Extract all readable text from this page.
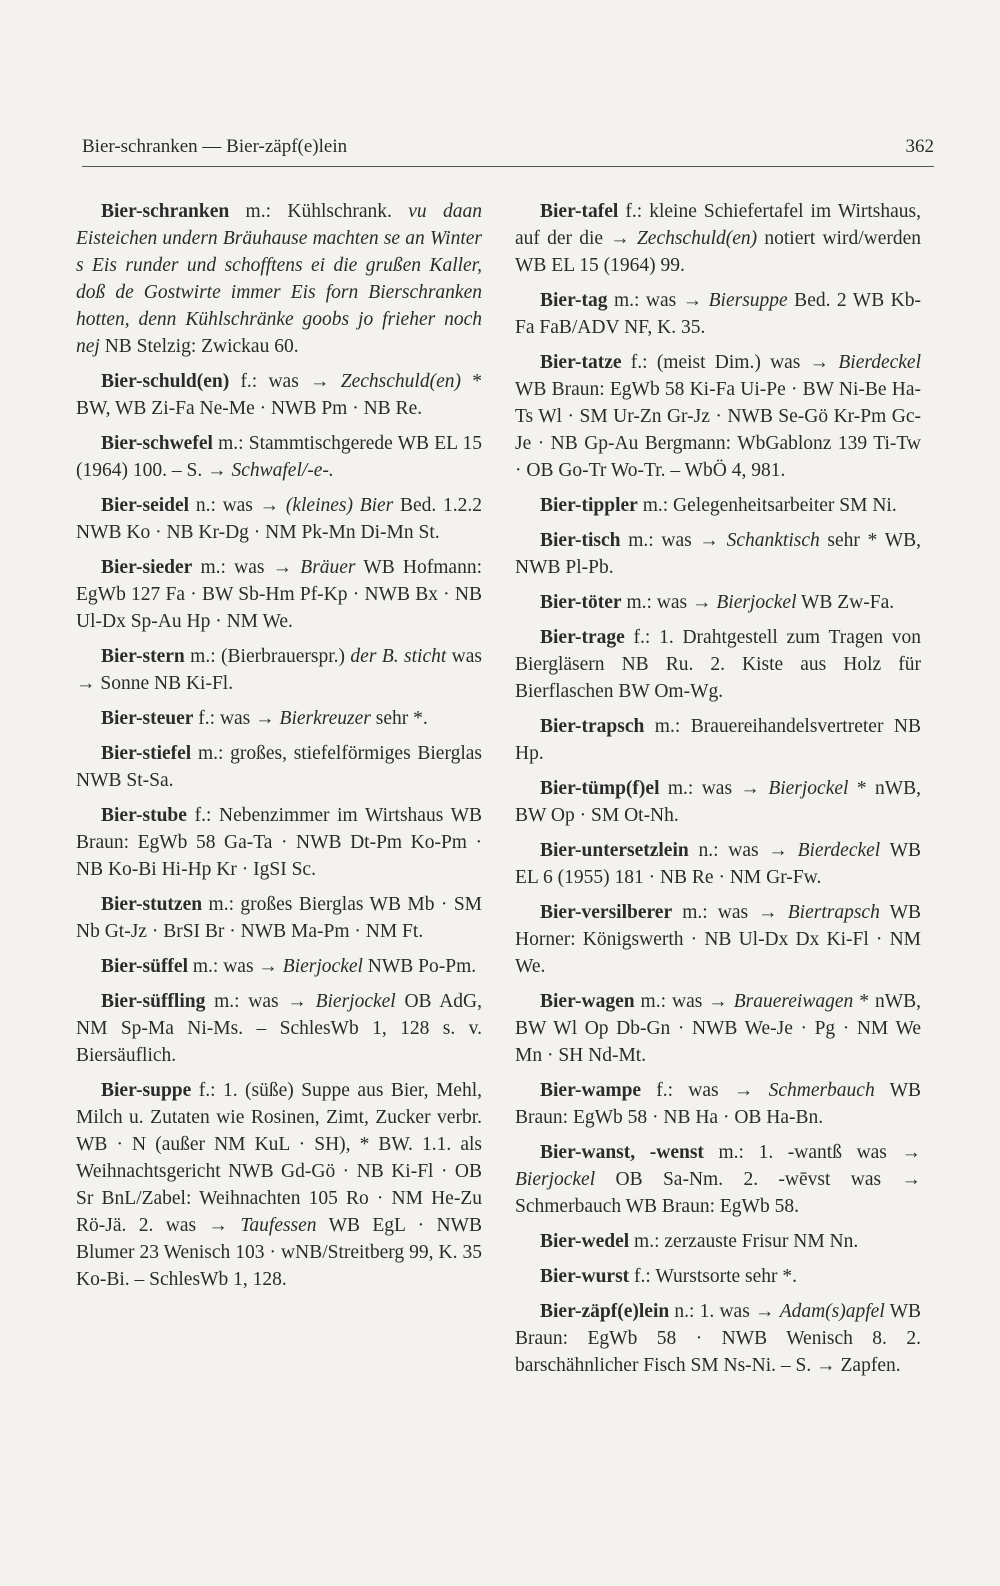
Bier-schranken — Bier-zäpf(e)lein	362

Bier-schranken m.: Kühlschrank. vu daan Eisteichen undern Bräuhause machten se an Winter s Eis runder und schofftens ei die grußen Kaller, doß de Gostwirte immer Eis forn Bierschranken hotten, denn Kühlschränke goobs jo frieher noch nej NB Stelzig: Zwickau 60.

Bier-schuld(en) f.: was → Zechschuld(en) * BW, WB Zi-Fa Ne-Me · NWB Pm · NB Re.

Bier-schwefel m.: Stammtischgerede WB EL 15 (1964) 100. – S. → Schwafel/-e-.

Bier-seidel n.: was → (kleines) Bier Bed. 1.2.2 NWB Ko · NB Kr-Dg · NM Pk-Mn Di-Mn St.

Bier-sieder m.: was → Bräuer WB Hofmann: EgWb 127 Fa · BW Sb-Hm Pf-Kp · NWB Bx · NB Ul-Dx Sp-Au Hp · NM We.

Bier-stern m.: (Bierbrauerspr.) der B. sticht was → Sonne NB Ki-Fl.

Bier-steuer f.: was → Bierkreuzer sehr *.

Bier-stiefel m.: großes, stiefelförmiges Bierglas NWB St-Sa.

Bier-stube f.: Nebenzimmer im Wirtshaus WB Braun: EgWb 58 Ga-Ta · NWB Dt-Pm Ko-Pm · NB Ko-Bi Hi-Hp Kr · IgSI Sc.

Bier-stutzen m.: großes Bierglas WB Mb · SM Nb Gt-Jz · BrSI Br · NWB Ma-Pm · NM Ft.

Bier-süffel m.: was → Bierjockel NWB Po-Pm.

Bier-süffling m.: was → Bierjockel OB AdG, NM Sp-Ma Ni-Ms. – SchlesWb 1, 128 s. v. Biersäuflich.

Bier-suppe f.: 1. (süße) Suppe aus Bier, Mehl, Milch u. Zutaten wie Rosinen, Zimt, Zucker verbr. WB · N (außer NM KuL · SH), * BW. 1.1. als Weihnachtsgericht NWB Gd-Gö · NB Ki-Fl · OB Sr BnL/Zabel: Weihnachten 105 Ro · NM He-Zu Rö-Jä. 2. was → Taufessen WB EgL · NWB Blumer 23 Wenisch 103 · wNB/Streitberg 99, K. 35 Ko-Bi. – SchlesWb 1, 128.

Bier-tafel f.: kleine Schiefertafel im Wirtshaus, auf der die → Zechschuld(en) notiert wird/werden WB EL 15 (1964) 99.

Bier-tag m.: was → Biersuppe Bed. 2 WB Kb-Fa FaB/ADV NF, K. 35.

Bier-tatze f.: (meist Dim.) was → Bierdeckel WB Braun: EgWb 58 Ki-Fa Ui-Pe · BW Ni-Be Ha-Ts Wl · SM Ur-Zn Gr-Jz · NWB Se-Gö Kr-Pm Gc-Je · NB Gp-Au Bergmann: WbGablonz 139 Ti-Tw · OB Go-Tr Wo-Tr. – WbÖ 4, 981.

Bier-tippler m.: Gelegenheitsarbeiter SM Ni.

Bier-tisch m.: was → Schanktisch sehr * WB, NWB Pl-Pb.

Bier-töter m.: was → Bierjockel WB Zw-Fa.

Bier-trage f.: 1. Drahtgestell zum Tragen von Biergläsern NB Ru. 2. Kiste aus Holz für Bierflaschen BW Om-Wg.

Bier-trapsch m.: Brauereihandelsvertreter NB Hp.

Bier-tümp(f)el m.: was → Bierjockel * nWB, BW Op · SM Ot-Nh.

Bier-untersetzlein n.: was → Bierdeckel WB EL 6 (1955) 181 · NB Re · NM Gr-Fw.

Bier-versilberer m.: was → Biertrapsch WB Horner: Königswerth · NB Ul-Dx Dx Ki-Fl · NM We.

Bier-wagen m.: was → Brauereiwagen * nWB, BW Wl Op Db-Gn · NWB We-Je · Pg · NM We Mn · SH Nd-Mt.

Bier-wampe f.: was → Schmerbauch WB Braun: EgWb 58 · NB Ha · OB Ha-Bn.

Bier-wanst, -wenst m.: 1. -wantß was → Bierjockel OB Sa-Nm. 2. -wēvst was → Schmerbauch WB Braun: EgWb 58.

Bier-wedel m.: zerzauste Frisur NM Nn.

Bier-wurst f.: Wurstsorte sehr *.

Bier-zäpf(e)lein n.: 1. was → Adam(s)apfel WB Braun: EgWb 58 · NWB Wenisch 8. 2. barschähnlicher Fisch SM Ns-Ni. – S. → Zapfen.
